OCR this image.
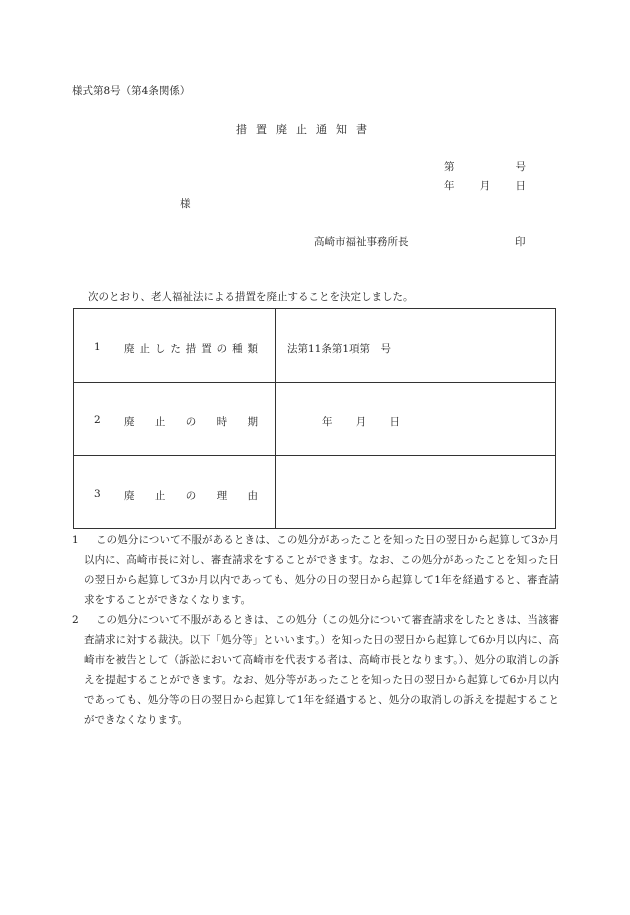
様式第8号（第4条関係）
措置廃止通知書
第	号
年 月 日
様
高崎市福祉事務所長	印
次のとおり、老人福祉法による措置を廃止することを決定しました。
1 廃 止 し た 措 置 の 種 類	法第11条第1項第　号
2 廃 止 の 時 期	年 月 日
3 廃 止 の 理 由
1	この処分について不服があるときは、この処分があったことを知った日の翌日から起算して3か月以内に、高崎市長に対し、審査請求をすることができます。なお、この処分があったことを知った日の翌日から起算して3か月以内であっても、処分の日の翌日から起算して1年を経過すると、審査請求をすることができなくなります。
2	この処分について不服があるときは、この処分（この処分について審査請求をしたときは、当該審査請求に対する裁決。以下「処分等」といいます。）を知った日の翌日から起算して6か月以内に、高崎市を被告として（訴訟において高崎市を代表する者は、高崎市長となります。）、処分の取消しの訴えを提起することができます。なお、処分等があったことを知った日の翌日から起算して6か月以内であっても、処分等の日の翌日から起算して1年を経過すると、処分の取消しの訴えを提起することができなくなります。
